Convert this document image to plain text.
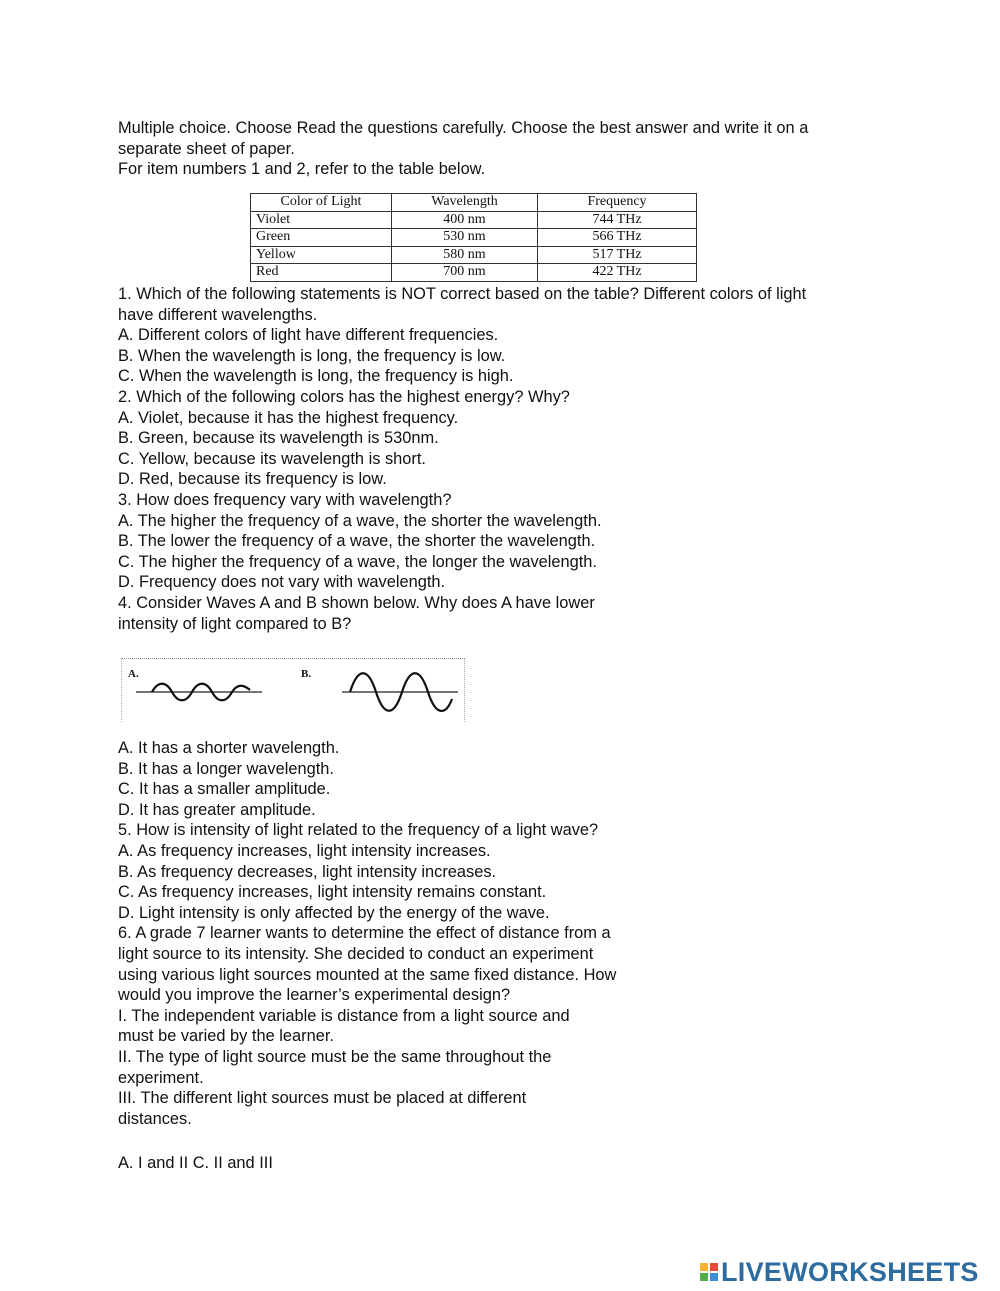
Multiple choice. Choose Read the questions carefully. Choose the best answer and write it on a

separate sheet of paper.

For item numbers 1 and 2, refer to the table below.

Color of Light	Wavelength	Frequency
Violet	400 nm	744 THz
Green	530 nm	566 THz
Yellow	580 nm	517 THz
Red	700 nm	422 THz

1. Which of the following statements is NOT correct based on the table? Different colors of light

have different wavelengths.

A. Different colors of light have different frequencies.

B. When the wavelength is long, the frequency is low.

C. When the wavelength is long, the frequency is high.

2. Which of the following colors has the highest energy? Why?

A. Violet, because it has the highest frequency.

B. Green, because its wavelength is 530nm.

C. Yellow, because its wavelength is short.

D. Red, because its frequency is low.

3. How does frequency vary with wavelength?

A. The higher the frequency of a wave, the shorter the wavelength.

B. The lower the frequency of a wave, the shorter the wavelength.

C. The higher the frequency of a wave, the longer the wavelength.

D. Frequency does not vary with wavelength.

4. Consider Waves A and B shown below. Why does A have lower

intensity of light compared to B?

A.	B.

A. It has a shorter wavelength.

B. It has a longer wavelength.

C. It has a smaller amplitude.

D. It has greater amplitude.

5. How is intensity of light related to the frequency of a light wave?

A. As frequency increases, light intensity increases.

B. As frequency decreases, light intensity increases.

C. As frequency increases, light intensity remains constant.

D. Light intensity is only affected by the energy of the wave.

6. A grade 7 learner wants to determine the effect of distance from a

light source to its intensity. She decided to conduct an experiment

using various light sources mounted at the same fixed distance. How

would you improve the learner’s experimental design?

I. The independent variable is distance from a light source and

must be varied by the learner.

II. The type of light source must be the same throughout the

experiment.

III. The different light sources must be placed at different

distances.

A. I and II C. II and III

LIVEWORKSHEETS
